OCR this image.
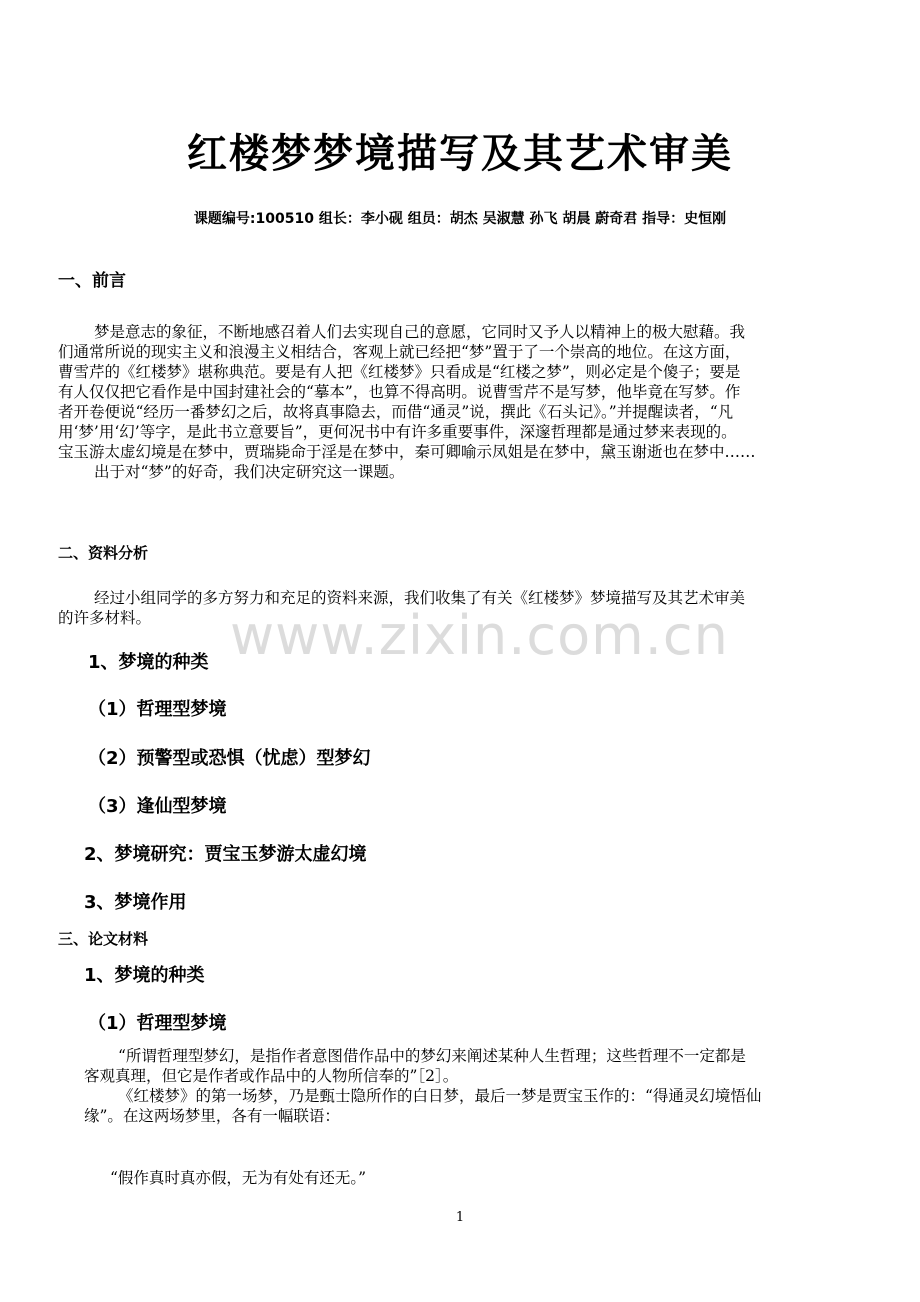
红楼梦梦境描写及其艺术审美
课题编号:100510 组长：李小砚 组员：胡杰 吴淑慧 孙飞 胡晨 蔚奇君 指导：史恒刚
一、前言
梦是意志的象征，不断地感召着人们去实现自己的意愿，它同时又予人以精神上的极大慰藉。我
们通常所说的现实主义和浪漫主义相结合，客观上就已经把“梦”置于了一个崇高的地位。在这方面，
曹雪芹的《红楼梦》堪称典范。要是有人把《红楼梦》只看成是“红楼之梦”，则必定是个傻子；要是
有人仅仅把它看作是中国封建社会的“摹本”，也算不得高明。说曹雪芹不是写梦，他毕竟在写梦。作
者开卷便说“经历一番梦幻之后，故将真事隐去，而借“通灵”说，撰此《石头记》。”并提醒读者，“凡
用‘梦’用‘幻’等字，是此书立意要旨”，更何况书中有许多重要事件，深邃哲理都是通过梦来表现的。
宝玉游太虚幻境是在梦中，贾瑞毙命于淫是在梦中，秦可卿喻示凤姐是在梦中，黛玉谢逝也在梦中……
出于对“梦”的好奇，我们决定研究这一课题。
二、资料分析
经过小组同学的多方努力和充足的资料来源，我们收集了有关《红楼梦》梦境描写及其艺术审美
的许多材料。	www.zixin.com.cn
1、梦境的种类
（1）哲理型梦境
（2）预警型或恐惧（忧虑）型梦幻
（3）逢仙型梦境
2、梦境研究：贾宝玉梦游太虚幻境
3、梦境作用
三、论文材料
1、梦境的种类
（1）哲理型梦境
“所谓哲理型梦幻，是指作者意图借作品中的梦幻来阐述某种人生哲理；这些哲理不一定都是
客观真理，但它是作者或作品中的人物所信奉的”［2］。
《红楼梦》的第一场梦，乃是甄士隐所作的白日梦，最后一梦是贾宝玉作的：“得通灵幻境悟仙
缘”。在这两场梦里，各有一幅联语：
“假作真时真亦假，无为有处有还无。”
1
